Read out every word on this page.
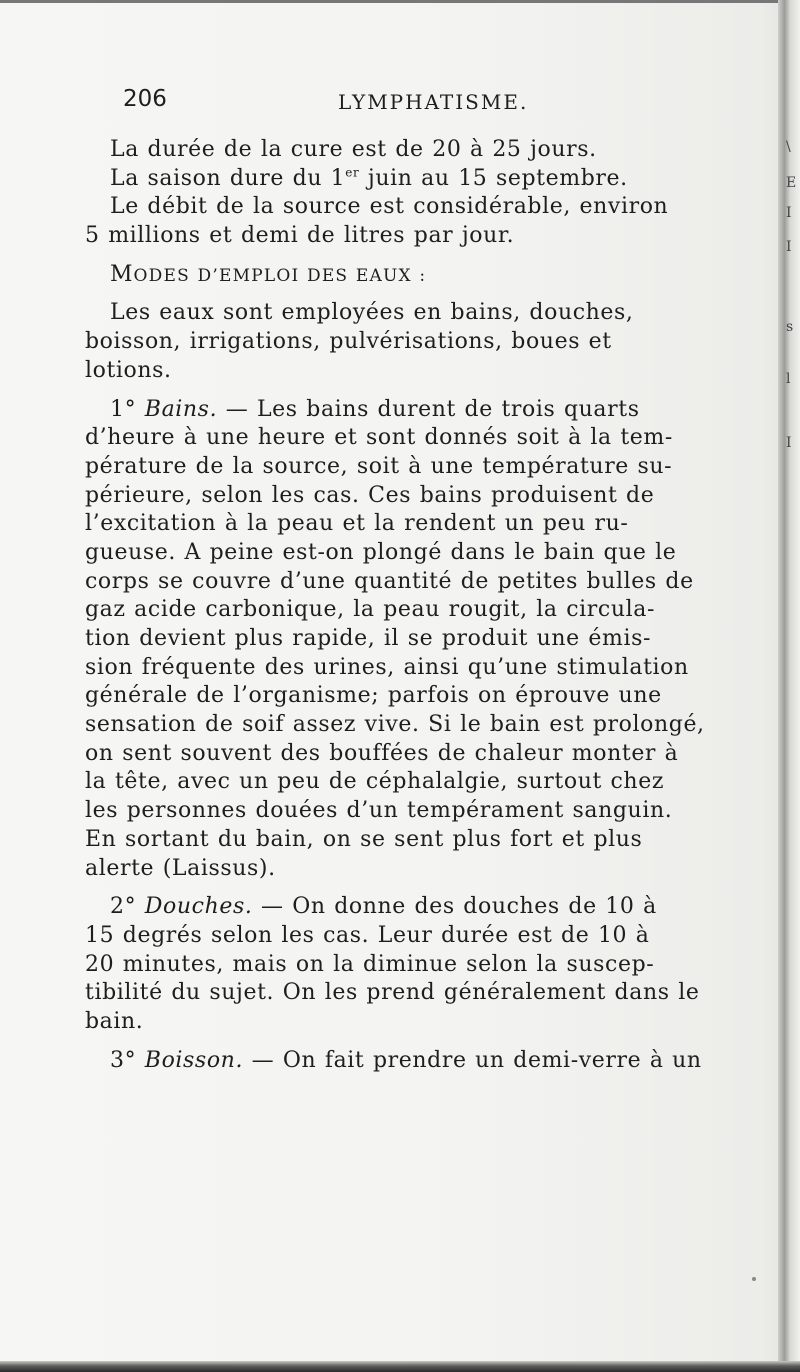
\
E
I
I
s
l
I
206	LYMPHATISME.
La durée de la cure est de 20 à 25 jours.
La saison dure du 1er juin au 15 septembre.
Le débit de la source est considérable, environ
5 millions et demi de litres par jour.
MODES D’EMPLOI DES EAUX :
Les eaux sont employées en bains, douches,
boisson, irrigations, pulvérisations, boues et
lotions.
1° Bains. — Les bains durent de trois quarts
d’heure à une heure et sont donnés soit à la tem-
pérature de la source, soit à une température su-
périeure, selon les cas. Ces bains produisent de
l’excitation à la peau et la rendent un peu ru-
gueuse. A peine est-on plongé dans le bain que le
corps se couvre d’une quantité de petites bulles de
gaz acide carbonique, la peau rougit, la circula-
tion devient plus rapide, il se produit une émis-
sion fréquente des urines, ainsi qu’une stimulation
générale de l’organisme; parfois on éprouve une
sensation de soif assez vive. Si le bain est prolongé,
on sent souvent des bouffées de chaleur monter à
la tête, avec un peu de céphalalgie, surtout chez
les personnes douées d’un tempérament sanguin.
En sortant du bain, on se sent plus fort et plus
alerte (Laissus).
2° Douches. — On donne des douches de 10 à
15 degrés selon les cas. Leur durée est de 10 à
20 minutes, mais on la diminue selon la suscep-
tibilité du sujet. On les prend généralement dans le
bain.
3° Boisson. — On fait prendre un demi-verre à un
